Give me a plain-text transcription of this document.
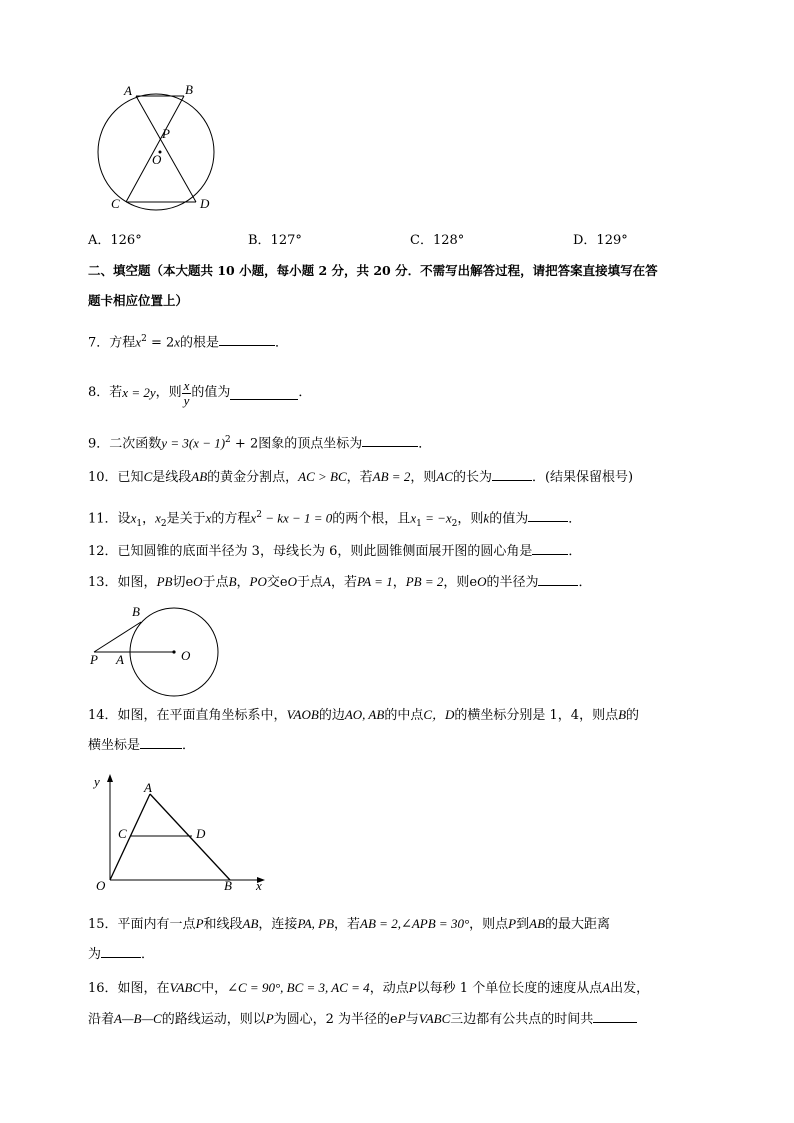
A	B
P
O
C	D
A．126°	B．127°	C．128°	D．129°
二、填空题（本大题共 10 小题，每小题 2 分，共 20 分．不需写出解答过程，请把答案直接填写在答
题卡相应位置上）
7．方程$x^2 = 2x$的根是	．
8． 若 x = 2y ，则 $\frac{x}{y}$ 的值为	．
9．二次函数$y = 3(x - 1)^2 + 2$图象的顶点坐标为	．
10．已知C是线段AB的黄金分割点，AC > BC，若AB = 2，则AC的长为	．(结果保留根号)
11．设$x_1$，$x_2$是关于x的方程$x^2$ − kx − 1 = 0的两个根，且$x_1 = -x_2$，则k的值为	．
12．已知圆锥的底面半径为 3，母线长为 6，则此圆锥侧面展开图的圆心角是	．
13．如图，PB切eO于点B，PO交eO于点A，若PA = 1，PB = 2，则eO的半径为	．
B
P A	O
14．如图，在平面直角坐标系中，VAOB的边AO, AB的中点C，D的横坐标分别是 1，4，则点B的
横坐标是	．
y	A
C	D
O	B x
15．平面内有一点P和线段AB，连接PA, PB，若AB = 2,∠APB = 30°，则点P到AB的最大距离
为	．
16．如图，在VABC中，∠C = 90°, BC = 3, AC = 4，动点P以每秒 1 个单位长度的速度从点A出发，
沿着A—B—C的路线运动，则以P为圆心，2 为半径的eP与VABC三边都有公共点的时间共
